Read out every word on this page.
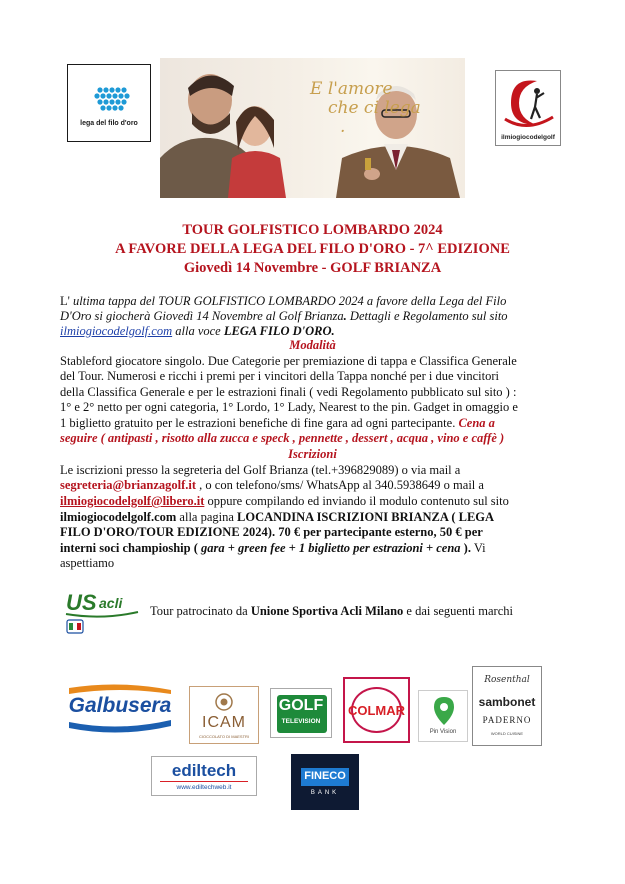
lega del filo d'oro
E l'amore
che ci lega
.
ilmiogiocodelgolf
TOUR GOLFISTICO LOMBARDO 2024
A FAVORE DELLA LEGA DEL FILO D'ORO - 7^ EDIZIONE
Giovedì 14 Novembre - GOLF BRIANZA
L' ultima tappa del TOUR GOLFISTICO LOMBARDO 2024 a favore della Lega del Filo
D'Oro si giocherà Giovedì 14 Novembre al Golf Brianza. Dettagli e Regolamento sul sito
ilmiogiocodelgolf.com alla voce LEGA FILO D'ORO.
Modalità
Stableford giocatore singolo. Due Categorie per premiazione di tappa e Classifica Generale
del Tour. Numerosi e ricchi i premi per i vincitori della Tappa nonché per i due vincitori
della Classifica Generale e per le estrazioni finali ( vedi Regolamento pubblicato sul sito ) :
1° e 2° netto per ogni categoria, 1° Lordo, 1° Lady, Nearest to the pin. Gadget in omaggio e
1 biglietto gratuito per le estrazioni benefiche di fine gara ad ogni partecipante. Cena a
seguire ( antipasti , risotto alla zucca e speck , pennette , dessert , acqua , vino e caffè )
Iscrizioni
Le iscrizioni presso la segreteria del Golf Brianza (tel.+396829089) o via mail a
segreteria@brianzagolf.it , o con telefono/sms/ WhatsApp al 340.5938649 o mail a
ilmiogiocodelgolf@libero.it oppure compilando ed inviando il modulo contenuto sul sito
ilmiogiocodelgolf.com alla pagina LOCANDINA ISCRIZIONI BRIANZA ( LEGA
FILO D'ORO/TOUR EDIZIONE 2024). 70 € per partecipante esterno, 50 € per
interni soci champioship ( gara + green fee + 1 biglietto per estrazioni + cena ). Vi
aspettiamo
US acli Tour patrocinato da Unione Sportiva Acli Milano e dai seguenti marchi
Galbusera
ICAM
CIOCCOLATO DI MAESTRI
GOLF
TELEVISION
COLMAR
Pin Vision
Rosenthal
sambonet
PADERNO
WORLD CUISINE
ediltech
www.ediltechweb.it
FINECO
BANK
